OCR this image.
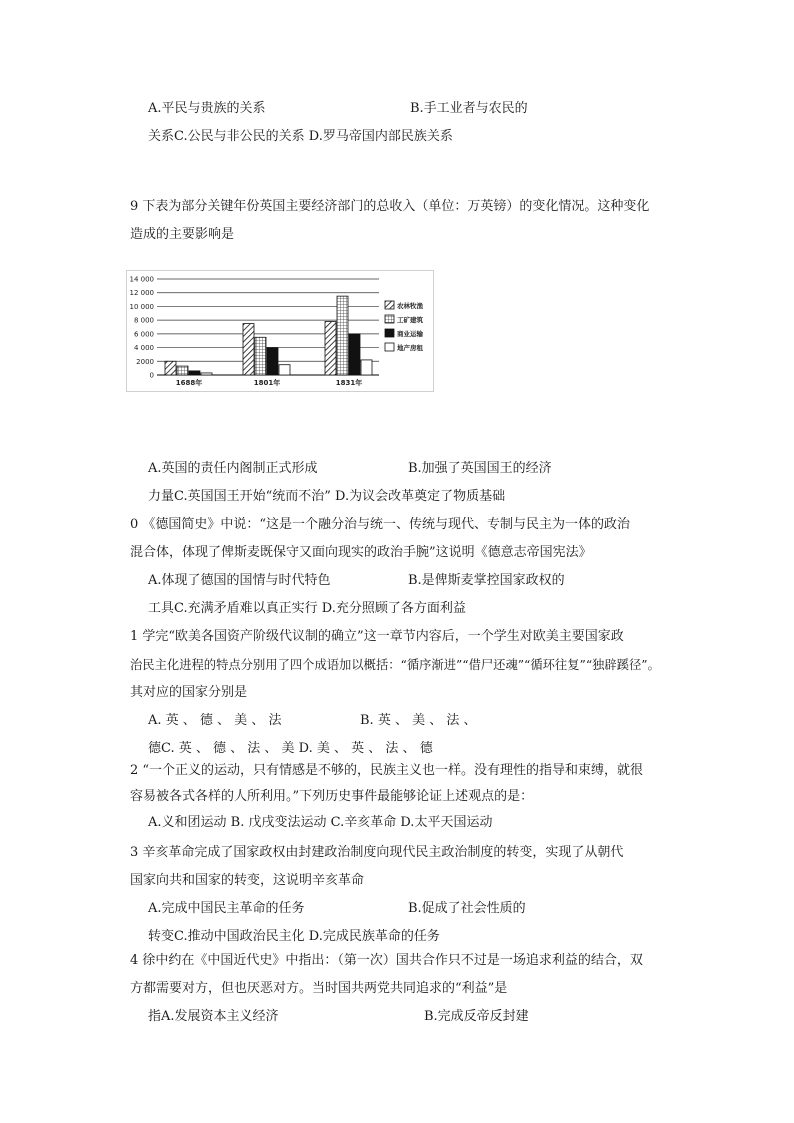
A.平民与贵族的关系	B.手工业者与农民的
关系C.公民与非公民的关系 D.罗马帝国内部民族关系
9 下表为部分关键年份英国主要经济部门的总收入（单位：万英镑）的变化情况。这种变化
造成的主要影响是
0
2000
4 000
6 000
8 000
10 000
12 000
14 000
1688年	1801年	1831年
农林牧渔
工矿建筑
商业运输
地产房租
A.英国的责任内阁制正式形成	B.加强了英国国王的经济
力量C.英国国王开始“统而不治” D.为议会改革奠定了物质基础
0 《德国简史》中说：“这是一个融分治与统一、传统与现代、专制与民主为一体的政治
混合体，体现了俾斯麦既保守又面向现实的政治手腕”这说明《德意志帝国宪法》
A.体现了德国的国情与时代特色	B.是俾斯麦掌控国家政权的
工具C.充满矛盾难以真正实行 D.充分照顾了各方面利益
1 学完“欧美各国资产阶级代议制的确立”这一章节内容后，一个学生对欧美主要国家政
治民主化进程的特点分别用了四个成语加以概括：“循序渐进”“借尸还魂”“循环往复”“独辟蹊径”。
其对应的国家分别是
A. 英 、 德 、 美 、 法	B. 英 、 美 、 法 、
德C. 英 、 德 、 法 、 美 D. 美 、 英 、 法 、 德
2 “一个正义的运动，只有情感是不够的，民族主义也一样。没有理性的指导和束缚，就很
容易被各式各样的人所利用。”下列历史事件最能够论证上述观点的是：
A.义和团运动 B. 戊戌变法运动 C.辛亥革命 D.太平天国运动
3 辛亥革命完成了国家政权由封建政治制度向现代民主政治制度的转变，实现了从朝代
国家向共和国家的转变，这说明辛亥革命
A.完成中国民主革命的任务	B.促成了社会性质的
转变C.推动中国政治民主化 D.完成民族革命的任务
4 徐中约在《中国近代史》中指出：（第一次）国共合作只不过是一场追求利益的结合，双
方都需要对方，但也厌恶对方。当时国共两党共同追求的“利益”是
指A.发展资本主义经济	B.完成反帝反封建
